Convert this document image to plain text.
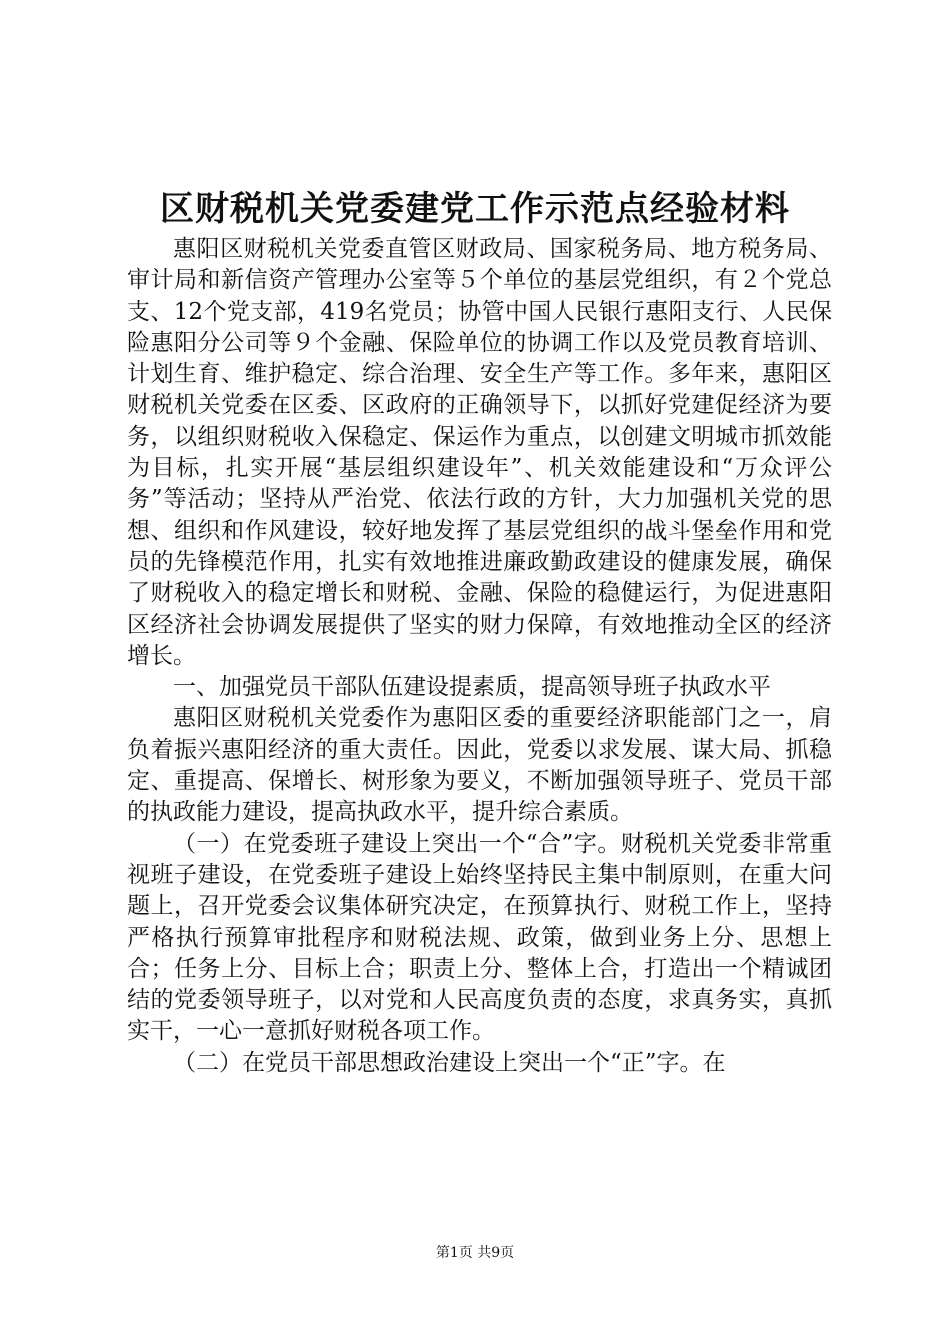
区财税机关党委建党工作示范点经验材料

惠阳区财税机关党委直管区财政局、国家税务局、地方税务局、审计局和新信资产管理办公室等５个单位的基层党组织，有２个党总支、12个党支部，419名党员；协管中国人民银行惠阳支行、人民保险惠阳分公司等９个金融、保险单位的协调工作以及党员教育培训、计划生育、维护稳定、综合治理、安全生产等工作。多年来，惠阳区财税机关党委在区委、区政府的正确领导下，以抓好党建促经济为要务，以组织财税收入保稳定、保运作为重点，以创建文明城市抓效能为目标，扎实开展“基层组织建设年”、机关效能建设和“万众评公务”等活动；坚持从严治党、依法行政的方针，大力加强机关党的思想、组织和作风建设，较好地发挥了基层党组织的战斗堡垒作用和党员的先锋模范作用，扎实有效地推进廉政勤政建设的健康发展，确保了财税收入的稳定增长和财税、金融、保险的稳健运行，为促进惠阳区经济社会协调发展提供了坚实的财力保障，有效地推动全区的经济增长。

一、加强党员干部队伍建设提素质，提高领导班子执政水平

惠阳区财税机关党委作为惠阳区委的重要经济职能部门之一，肩负着振兴惠阳经济的重大责任。因此，党委以求发展、谋大局、抓稳定、重提高、保增长、树形象为要义，不断加强领导班子、党员干部的执政能力建设，提高执政水平，提升综合素质。

（一）在党委班子建设上突出一个“合”字。财税机关党委非常重视班子建设，在党委班子建设上始终坚持民主集中制原则，在重大问题上，召开党委会议集体研究决定，在预算执行、财税工作上，坚持严格执行预算审批程序和财税法规、政策，做到业务上分、思想上合；任务上分、目标上合；职责上分、整体上合，打造出一个精诚团结的党委领导班子，以对党和人民高度负责的态度，求真务实，真抓实干，一心一意抓好财税各项工作。

（二）在党员干部思想政治建设上突出一个“正”字。在

第1页 共9页
